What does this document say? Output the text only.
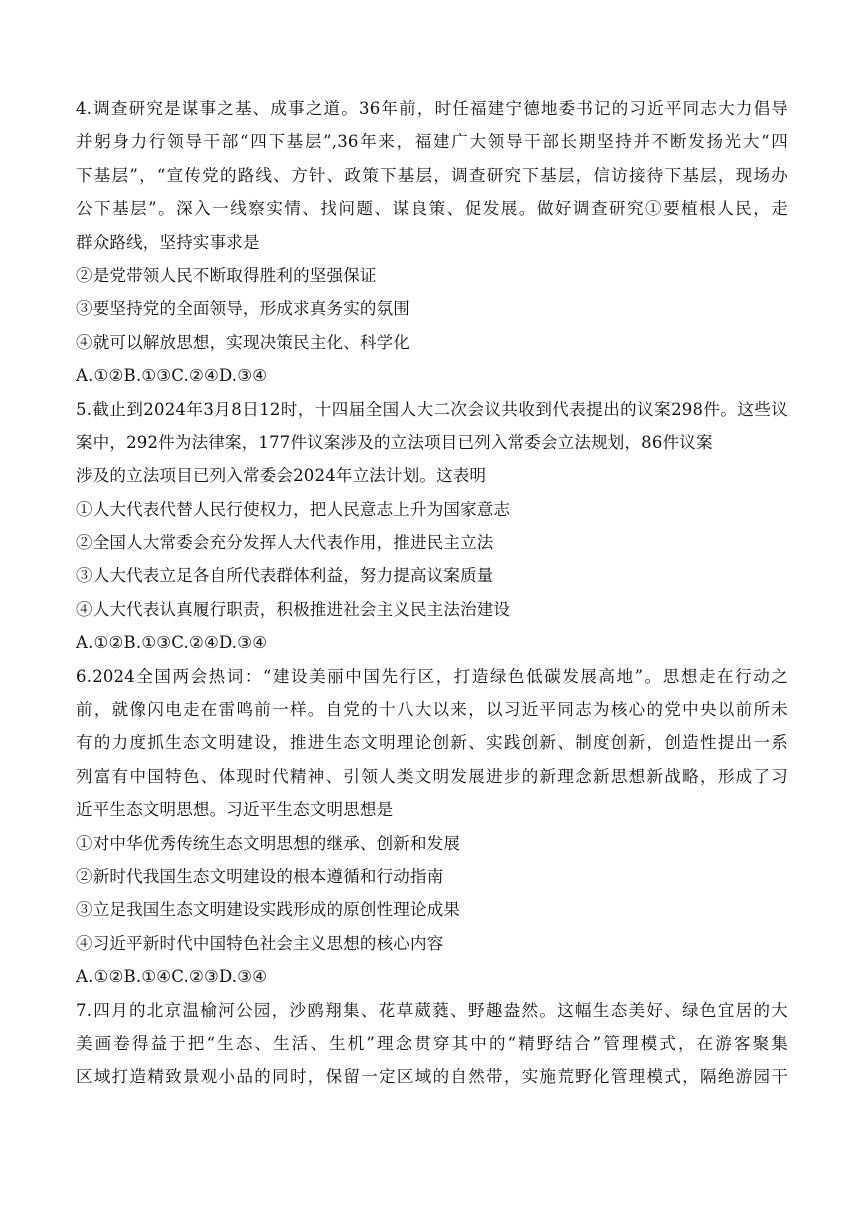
4.调查研究是谋事之基、成事之道。36年前，时任福建宁德地委书记的习近平同志大力倡导
并躬身力行领导干部“四下基层”,36年来，福建广大领导干部长期坚持并不断发扬光大“四
下基层”，“宣传党的路线、方针、政策下基层，调查研究下基层，信访接待下基层，现场办
公下基层”。深入一线察实情、找问题、谋良策、促发展。做好调查研究①要植根人民，走
群众路线，坚持实事求是
②是党带领人民不断取得胜利的坚强保证
③要坚持党的全面领导，形成求真务实的氛围
④就可以解放思想，实现决策民主化、科学化
A.①②B.①③C.②④D.③④
5.截止到2024年3月8日12时，十四届全国人大二次会议共收到代表提出的议案298件。这些议
案中，292件为法律案，177件议案涉及的立法项目已列入常委会立法规划，86件议案
涉及的立法项目已列入常委会2024年立法计划。这表明
①人大代表代替人民行使权力，把人民意志上升为国家意志
②全国人大常委会充分发挥人大代表作用，推进民主立法
③人大代表立足各自所代表群体利益，努力提高议案质量
④人大代表认真履行职责，积极推进社会主义民主法治建设
A.①②B.①③C.②④D.③④
6.2024全国两会热词：“建设美丽中国先行区，打造绿色低碳发展高地”。思想走在行动之
前，就像闪电走在雷鸣前一样。自党的十八大以来，以习近平同志为核心的党中央以前所未
有的力度抓生态文明建设，推进生态文明理论创新、实践创新、制度创新，创造性提出一系
列富有中国特色、体现时代精神、引领人类文明发展进步的新理念新思想新战略，形成了习
近平生态文明思想。习近平生态文明思想是
①对中华优秀传统生态文明思想的继承、创新和发展
②新时代我国生态文明建设的根本遵循和行动指南
③立足我国生态文明建设实践形成的原创性理论成果
④习近平新时代中国特色社会主义思想的核心内容
A.①②B.①④C.②③D.③④
7.四月的北京温榆河公园，沙鸥翔集、花草葳蕤、野趣盎然。这幅生态美好、绿色宜居的大
美画卷得益于把“生态、生活、生机”理念贯穿其中的“精野结合”管理模式，在游客聚集
区域打造精致景观小品的同时，保留一定区域的自然带，实施荒野化管理模式，隔绝游园干
